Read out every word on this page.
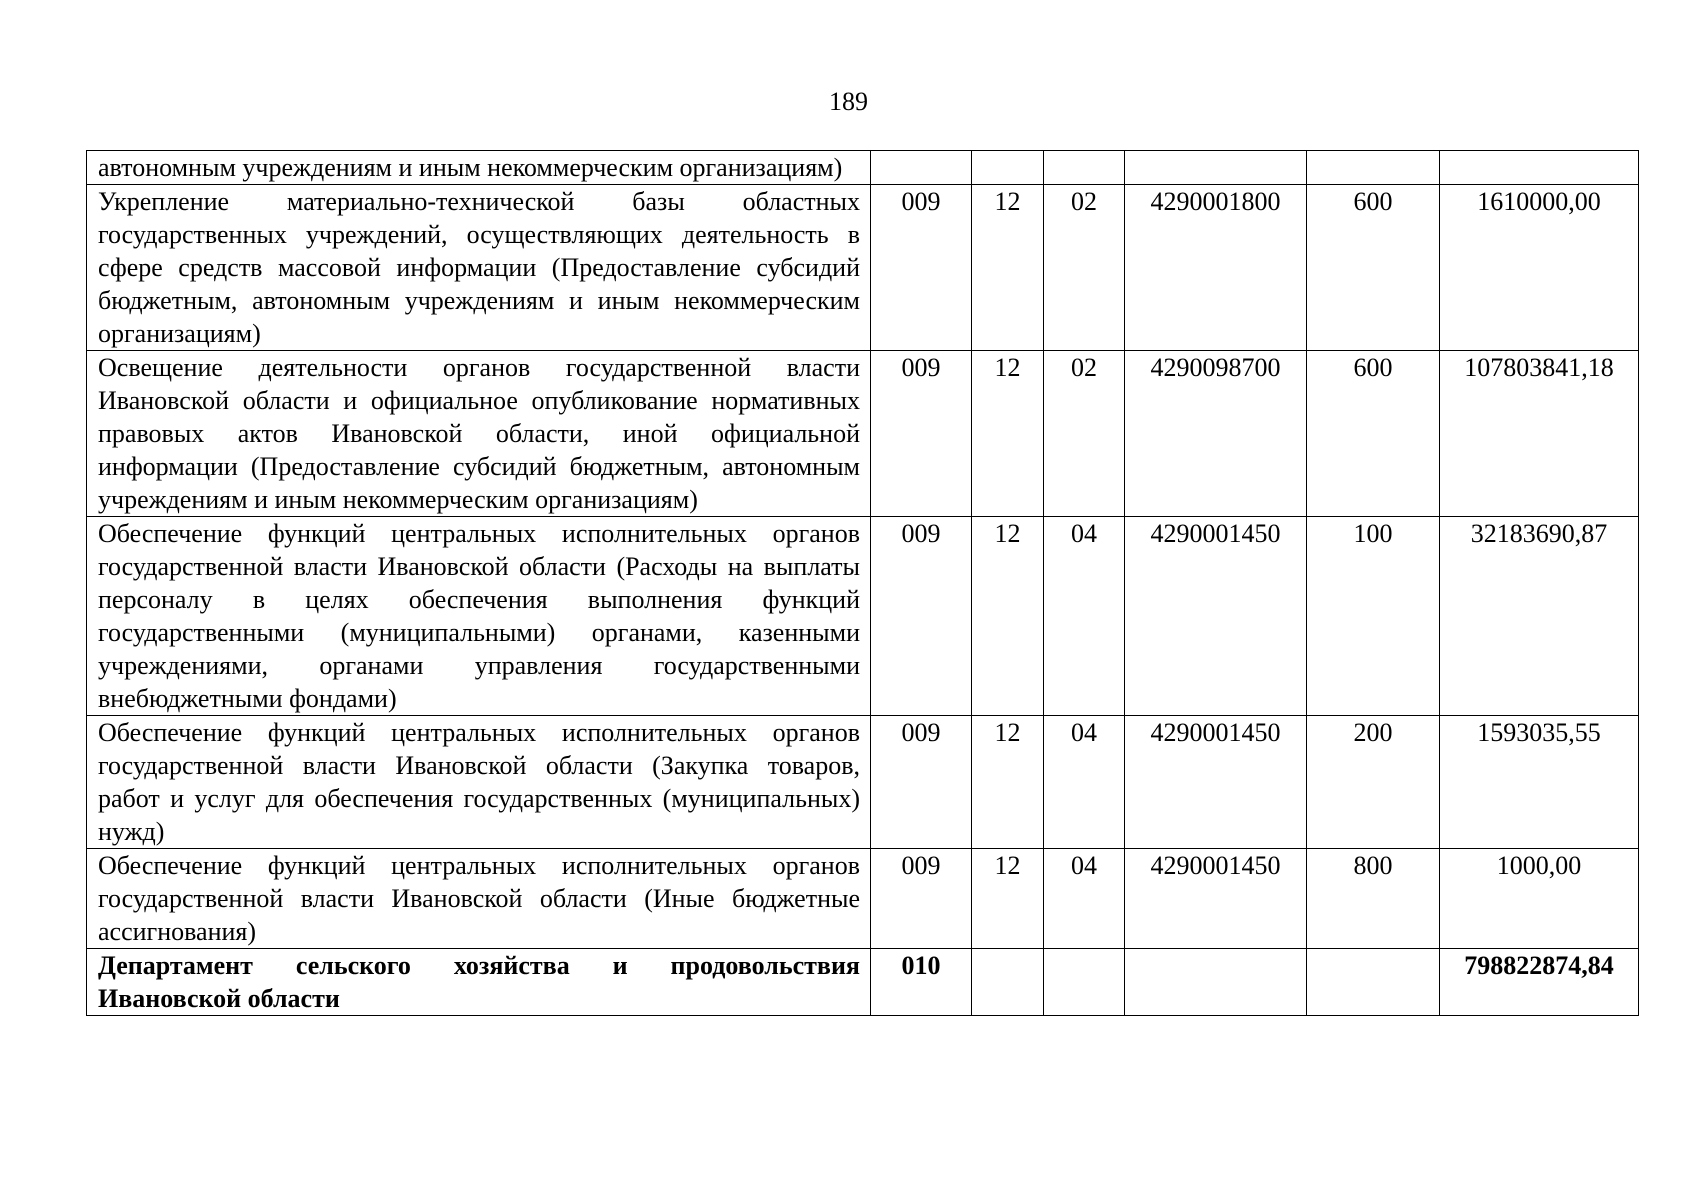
189
автономным учреждениям и иным некоммерческим организациям)						
Укрепление материально-технической базы областных государственных учреждений, осуществляющих деятельность в сфере средств массовой информации (Предоставление субсидий бюджетным, автономным учреждениям и иным некоммерческим организациям)	009	12	02	4290001800	600	1610000,00
Освещение деятельности органов государственной власти Ивановской области и официальное опубликование нормативных правовых актов Ивановской области, иной официальной информации (Предоставление субсидий бюджетным, автономным учреждениям и иным некоммерческим организациям)	009	12	02	4290098700	600	107803841,18
Обеспечение функций центральных исполнительных органов государственной власти Ивановской области (Расходы на выплаты персоналу в целях обеспечения выполнения функций государственными (муниципальными) органами, казенными учреждениями, органами управления государственными внебюджетными фондами)	009	12	04	4290001450	100	32183690,87
Обеспечение функций центральных исполнительных органов государственной власти Ивановской области (Закупка товаров, работ и услуг для обеспечения государственных (муниципальных) нужд)	009	12	04	4290001450	200	1593035,55
Обеспечение функций центральных исполнительных органов государственной власти Ивановской области (Иные бюджетные ассигнования)	009	12	04	4290001450	800	1000,00
Департамент сельского хозяйства и продовольствия Ивановской области	010					798822874,84
